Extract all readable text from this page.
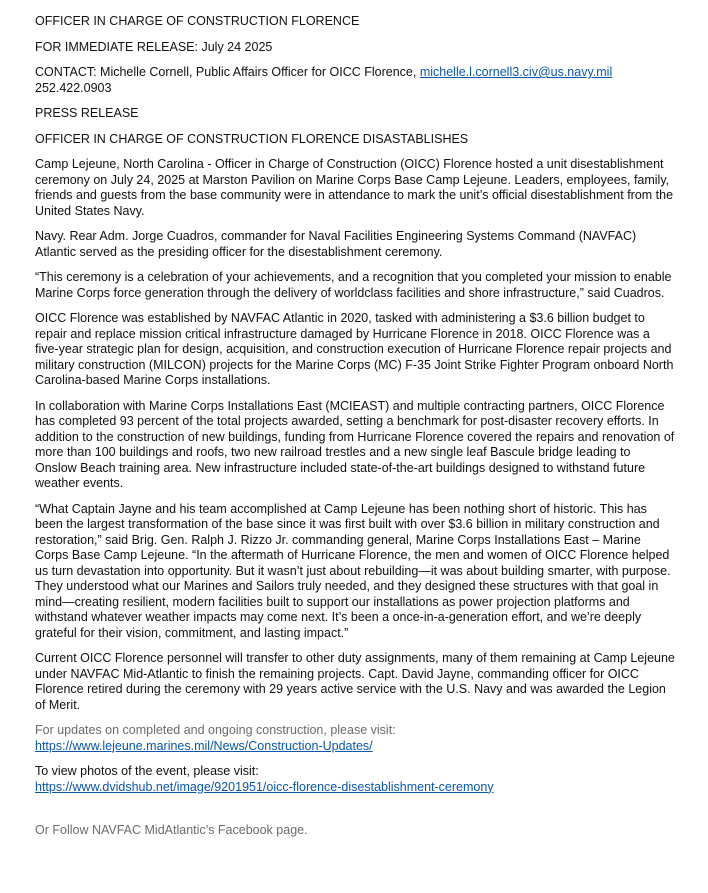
OFFICER IN CHARGE OF CONSTRUCTION FLORENCE

FOR IMMEDIATE RELEASE: July 24 2025

CONTACT: Michelle Cornell, Public Affairs Officer for OICC Florence, michelle.l.cornell3.civ@us.navy.mil
252.422.0903

PRESS RELEASE

OFFICER IN CHARGE OF CONSTRUCTION FLORENCE DISASTABLISHES

Camp Lejeune, North Carolina - Officer in Charge of Construction (OICC) Florence hosted a unit disestablishment ceremony on July 24, 2025 at Marston Pavilion on Marine Corps Base Camp Lejeune. Leaders, employees, family, friends and guests from the base community were in attendance to mark the unit’s official disestablishment from the United States Navy.

Navy. Rear Adm. Jorge Cuadros, commander for Naval Facilities Engineering Systems Command (NAVFAC) Atlantic served as the presiding officer for the disestablishment ceremony.

“This ceremony is a celebration of your achievements, and a recognition that you completed your mission to enable Marine Corps force generation through the delivery of worldclass facilities and shore infrastructure,” said Cuadros.

OICC Florence was established by NAVFAC Atlantic in 2020, tasked with administering a $3.6 billion budget to repair and replace mission critical infrastructure damaged by Hurricane Florence in 2018. OICC Florence was a five-year strategic plan for design, acquisition, and construction execution of Hurricane Florence repair projects and military construction (MILCON) projects for the Marine Corps (MC) F-35 Joint Strike Fighter Program onboard North Carolina-based Marine Corps installations.

In collaboration with Marine Corps Installations East (MCIEAST) and multiple contracting partners, OICC Florence has completed 93 percent of the total projects awarded, setting a benchmark for post-disaster recovery efforts. In addition to the construction of new buildings, funding from Hurricane Florence covered the repairs and renovation of more than 100 buildings and roofs, two new railroad trestles and a new single leaf Bascule bridge leading to Onslow Beach training area. New infrastructure included state-of-the-art buildings designed to withstand future weather events.

“What Captain Jayne and his team accomplished at Camp Lejeune has been nothing short of historic. This has been the largest transformation of the base since it was first built with over $3.6 billion in military construction and restoration,” said Brig. Gen. Ralph J. Rizzo Jr. commanding general, Marine Corps Installations East – Marine Corps Base Camp Lejeune. “In the aftermath of Hurricane Florence, the men and women of OICC Florence helped us turn devastation into opportunity. But it wasn’t just about rebuilding—it was about building smarter, with purpose. They understood what our Marines and Sailors truly needed, and they designed these structures with that goal in mind—creating resilient, modern facilities built to support our installations as power projection platforms and withstand whatever weather impacts may come next. It’s been a once-in-a-generation effort, and we’re deeply grateful for their vision, commitment, and lasting impact.”

Current OICC Florence personnel will transfer to other duty assignments, many of them remaining at Camp Lejeune under NAVFAC Mid-Atlantic to finish the remaining projects. Capt. David Jayne, commanding officer for OICC Florence retired during the ceremony with 29 years active service with the U.S. Navy and was awarded the Legion of Merit.

For updates on completed and ongoing construction, please visit:
https://www.lejeune.marines.mil/News/Construction-Updates/

To view photos of the event, please visit:
https://www.dvidshub.net/image/9201951/oicc-florence-disestablishment-ceremony

Or Follow NAVFAC MidAtlantic’s Facebook page.
